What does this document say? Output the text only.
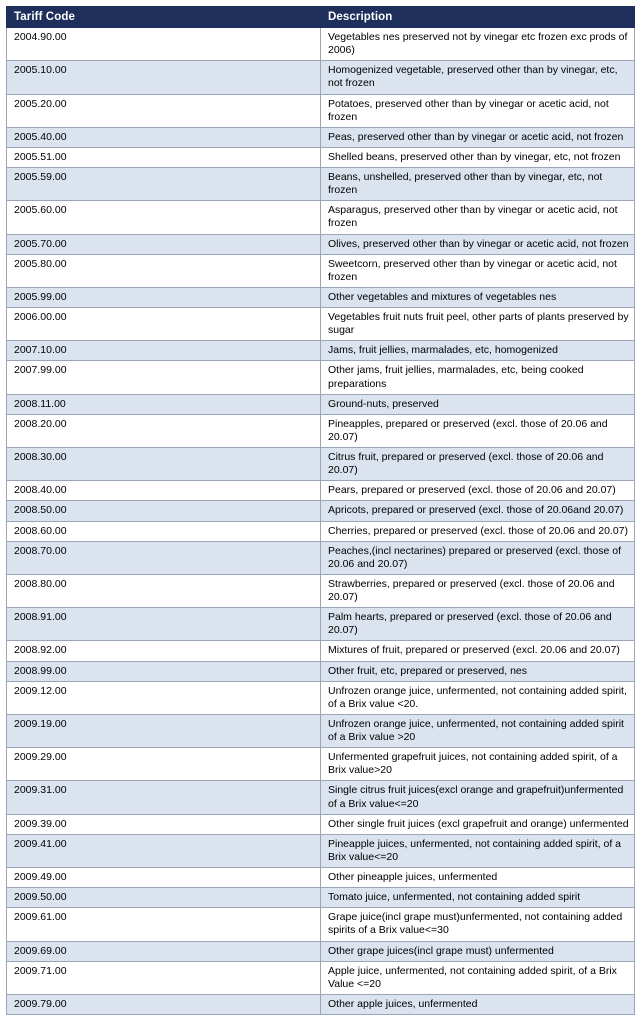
Tariff Code	Description
2004.90.00	Vegetables nes preserved not by vinegar etc frozen exc prods of 2006)
2005.10.00	Homogenized vegetable, preserved other than by vinegar, etc, not frozen
2005.20.00	Potatoes, preserved other than by vinegar or acetic acid, not frozen
2005.40.00	Peas, preserved other than by vinegar or acetic acid, not frozen
2005.51.00	Shelled beans, preserved other than by vinegar, etc, not frozen
2005.59.00	Beans, unshelled, preserved other than by vinegar, etc, not frozen
2005.60.00	Asparagus, preserved other than by vinegar or acetic acid, not frozen
2005.70.00	Olives, preserved other than by vinegar or acetic acid, not frozen
2005.80.00	Sweetcorn, preserved other than by vinegar or acetic acid, not frozen
2005.99.00	Other vegetables and mixtures of vegetables nes
2006.00.00	Vegetables fruit nuts fruit peel, other parts of plants preserved by sugar
2007.10.00	Jams, fruit jellies, marmalades, etc, homogenized
2007.99.00	Other jams, fruit jellies, marmalades, etc, being cooked preparations
2008.11.00	Ground-nuts, preserved
2008.20.00	Pineapples, prepared or preserved (excl. those of 20.06 and 20.07)
2008.30.00	Citrus fruit, prepared or preserved (excl. those of 20.06 and 20.07)
2008.40.00	Pears, prepared or preserved (excl. those of 20.06 and 20.07)
2008.50.00	Apricots, prepared or preserved (excl. those of 20.06and 20.07)
2008.60.00	Cherries, prepared or preserved (excl. those of 20.06 and 20.07)
2008.70.00	Peaches,(incl nectarines) prepared or preserved (excl. those of 20.06 and 20.07)
2008.80.00	Strawberries, prepared or preserved (excl. those of 20.06 and 20.07)
2008.91.00	Palm hearts, prepared or preserved (excl. those of 20.06 and 20.07)
2008.92.00	Mixtures of fruit, prepared or preserved (excl. 20.06 and 20.07)
2008.99.00	Other fruit, etc, prepared or preserved, nes
2009.12.00	Unfrozen orange juice, unfermented, not containing added spirit, of a Brix value <20.
2009.19.00	Unfrozen orange juice, unfermented, not containing added spirit of a Brix value >20
2009.29.00	Unfermented grapefruit juices, not containing added spirit, of a Brix value>20
2009.31.00	Single citrus fruit juices(excl orange and grapefruit)unfermented of a Brix value<=20
2009.39.00	Other single fruit juices (excl grapefruit and orange) unfermented
2009.41.00	Pineapple juices, unfermented, not containing added spirit, of a Brix value<=20
2009.49.00	Other pineapple juices, unfermented
2009.50.00	Tomato juice, unfermented, not containing added spirit
2009.61.00	Grape juice(incl grape must)unfermented, not containing added spirits of a Brix value<=30
2009.69.00	Other grape juices(incl grape must) unfermented
2009.71.00	Apple juice, unfermented, not containing added spirit, of a Brix Value <=20
2009.79.00	Other apple juices, unfermented
